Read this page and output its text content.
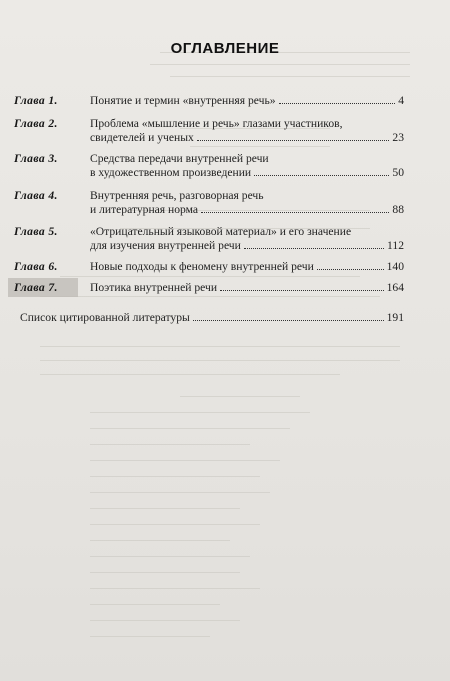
ОГЛАВЛЕНИЕ
Глава 1.	Понятие и термин «внутренняя речь»	4
Глава 2.	Проблема «мышление и речь» глазами участников,
свидетелей и ученых	23
Глава 3.	Средства передачи внутренней речи
в художественном произведении	50
Глава 4.	Внутренняя речь, разговорная речь
и литературная норма	88
Глава 5.	«Отрицательный языковой материал» и его значение
для изучения внутренней речи	112
Глава 6.	Новые подходы к феномену внутренней речи	140
Глава 7.	Поэтика внутренней речи	164
Список цитированной литературы	191
